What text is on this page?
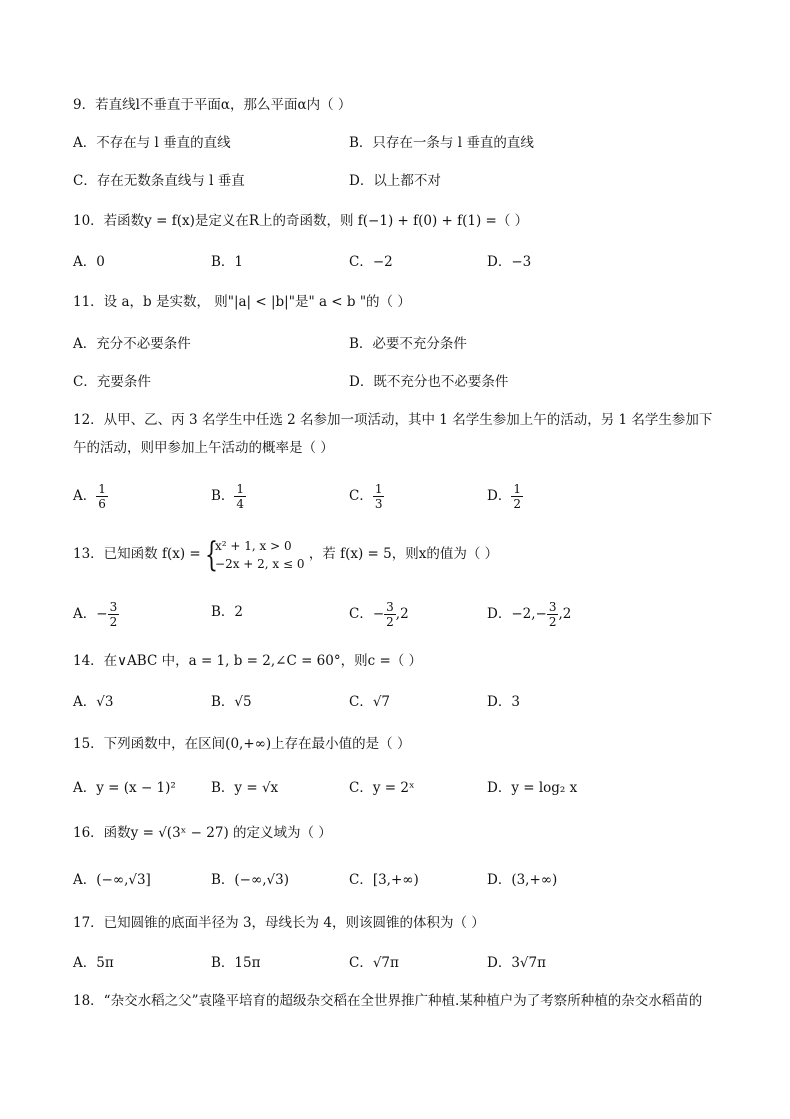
9．若直线l不垂直于平面α，那么平面α内（ ）
A．不存在与 l 垂直的直线	B．只存在一条与 l 垂直的直线
C．存在无数条直线与 l 垂直	D．以上都不对
10．若函数y = f(x)是定义在R上的奇函数，则 f(−1) + f(0) + f(1) =（ ）
A．0	B．1	C．−2	D．−3
11．设 a，b 是实数， 则"|a| < |b|"是" a < b "的（ ）
A．充分不必要条件	B．必要不充分条件
C．充要条件	D．既不充分也不必要条件
12．从甲、乙、丙 3 名学生中任选 2 名参加一项活动，其中 1 名学生参加上午的活动，另 1 名学生参加下午的活动，则甲参加上午活动的概率是（ ）
A． $\frac{1}{6}$	B． $\frac{1}{4}$	C． $\frac{1}{3}$	D． $\frac{1}{2}$
13．已知函数 f(x) = {
x² + 1, x > 0
−2x + 2, x ≤ 0
，若 f(x) = 5，则x的值为（ ）
A．− $\frac{3}{2}$	B．2	C．− $\frac{3}{2} ,2$	D．$-2,- \frac{3}{2} ,2$
14．在∨ABC 中，a = 1, b = 2,∠C = 60°，则c =（ ）
A．√3	B．√5	C．√7	D．3
15．下列函数中，在区间(0,+∞)上存在最小值的是（ ）
A．y = (x − 1)²	B．y = √x	C．y = 2ˣ	D．y = log₂ x
16．函数y = √(3ˣ − 27) 的定义域为（ ）
A．(−∞,√3]	B．(−∞,√3)	C．[3,+∞)	D．(3,+∞)
17．已知圆锥的底面半径为 3，母线长为 4，则该圆锥的体积为（ ）
A．5π	B．15π	C．√7π	D．3√7π
18．“杂交水稻之父”袁隆平培育的超级杂交稻在全世界推广种植.某种植户为了考察所种植的杂交水稻苗的
